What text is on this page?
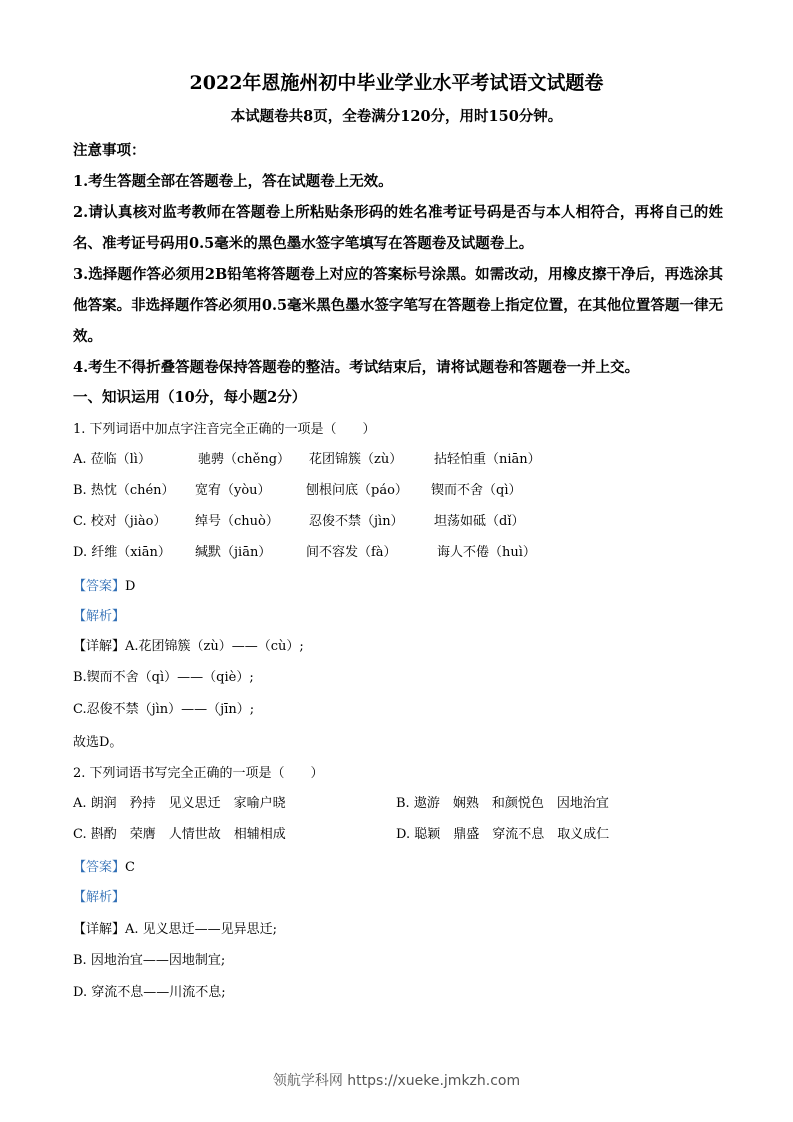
2022年恩施州初中毕业学业水平考试语文试题卷
本试题卷共8页，全卷满分120分，用时150分钟。
注意事项：
1.考生答题全部在答题卷上，答在试题卷上无效。
2.请认真核对监考教师在答题卷上所粘贴条形码的姓名准考证号码是否与本人相符合，再将自己的姓名、准考证号码用0.5毫米的黑色墨水签字笔填写在答题卷及试题卷上。
3.选择题作答必须用2B铅笔将答题卷上对应的答案标号涂黑。如需改动，用橡皮擦干净后，再选涂其他答案。非选择题作答必须用0.5毫米黑色墨水签字笔写在答题卷上指定位置，在其他位置答题一律无效。
4.考生不得折叠答题卷保持答题卷的整洁。考试结束后，请将试题卷和答题卷一并上交。
一、知识运用（10分，每小题2分）
1. 下列词语中加点字注音完全正确的一项是（　　）
A. 莅临（lì）	驰骋（chěng） 花团锦簇（zù） 拈轻怕重（niān）
B. 热忱（chén） 宽宥（yòu）	刨根问底（páo） 锲而不舍（qì）
C. 校对（jiào） 绰号（chuò） 忍俊不禁（jìn） 坦荡如砥（dǐ）
D. 纤维（xiān） 缄默（jiān）	间不容发（fà）	诲人不倦（huì）
【答案】D
【解析】
【详解】A.花团锦簇（zù）——（cù）;
B.锲而不舍（qì）——（qiè）;
C.忍俊不禁（jìn）——（jīn）;
故选D。
2. 下列词语书写完全正确的一项是（　　）
A. 朗润　矜持　见义思迁　家喻户晓	B. 遨游　娴熟　和颜悦色　因地治宜
C. 斟酌　荣膺　人情世故　相辅相成	D. 聪颖　鼎盛　穿流不息　取义成仁
【答案】C
【解析】
【详解】A. 见义思迁——见异思迁;
B. 因地治宜——因地制宜;
D. 穿流不息——川流不息;
领航学科网 https://xueke.jmkzh.com
